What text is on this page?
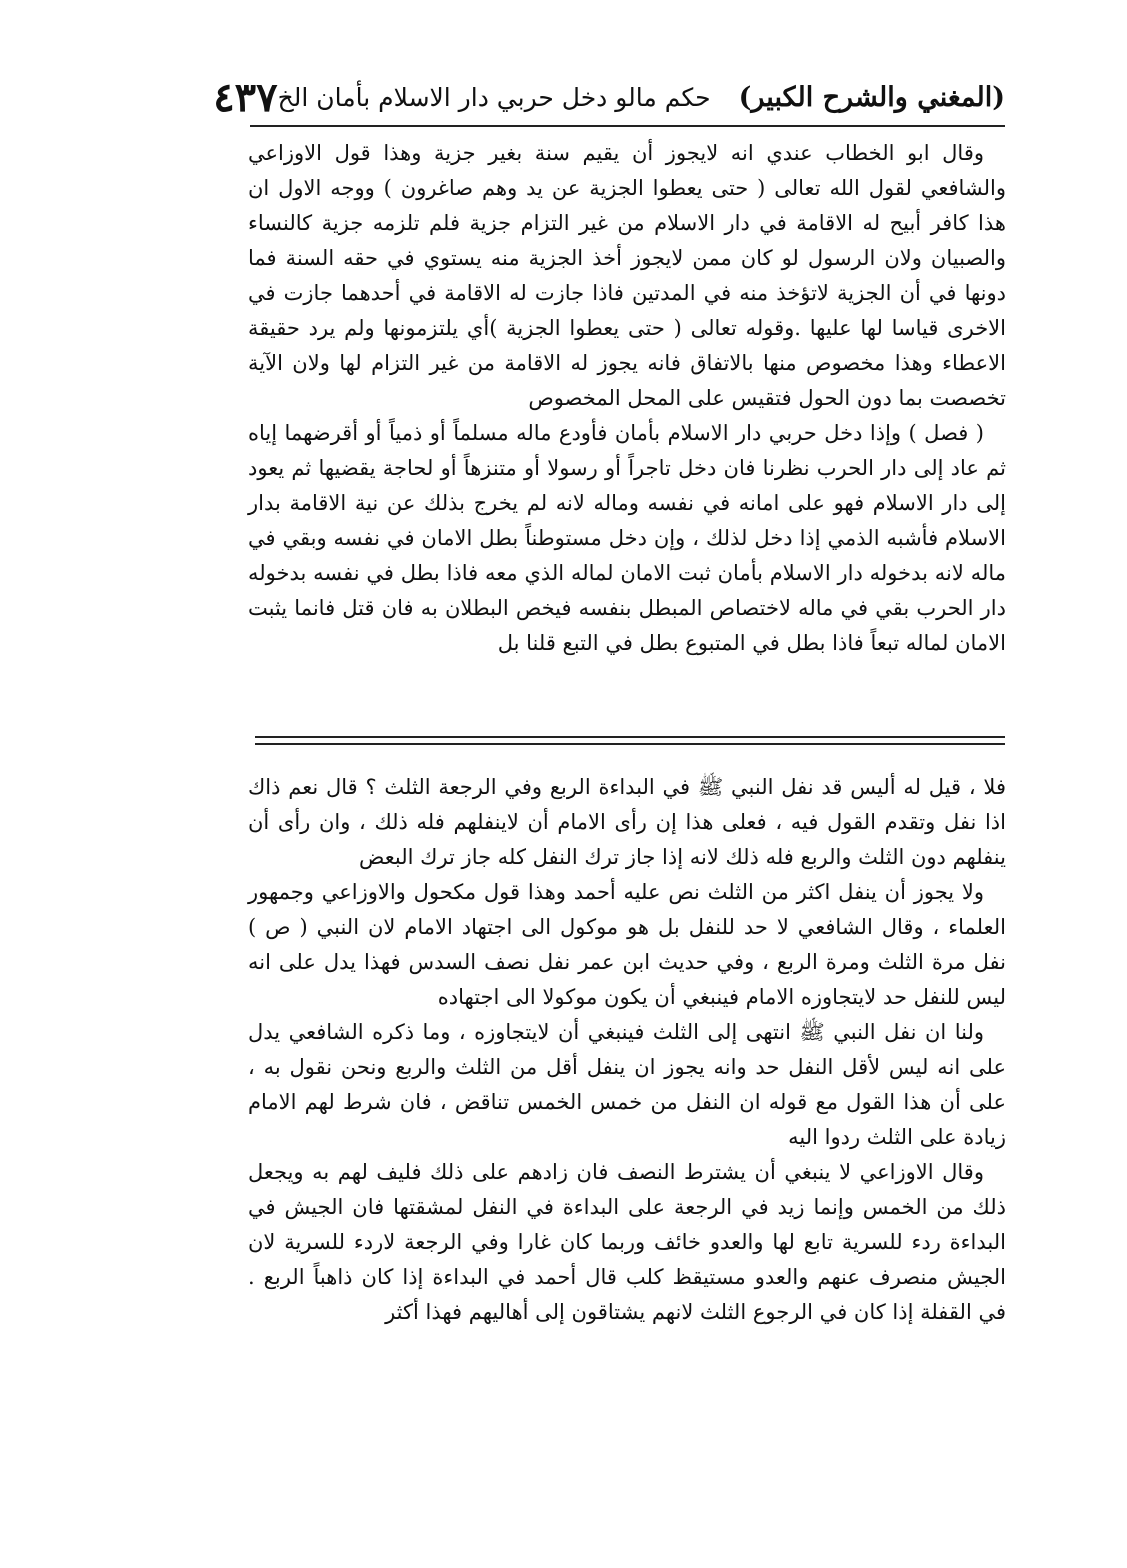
(المغني والشرح الكبير)
حكم مالو دخل حربي دار الاسلام بأمان الخ
٤٣٧

وقال ابو الخطاب عندي انه لايجوز أن يقيم سنة بغير جزية وهذا قول الاوزاعي والشافعي لقول الله تعالى ( حتى يعطوا الجزية عن يد وهم صاغرون ) ووجه الاول ان هذا كافر أبيح له الاقامة في دار الاسلام من غير التزام جزية فلم تلزمه جزية كالنساء والصبيان ولان الرسول لو كان ممن لايجوز أخذ الجزية منه يستوي في حقه السنة فما دونها في أن الجزية لاتؤخذ منه في المدتين فاذا جازت له الاقامة في أحدهما جازت في الاخرى قياسا لها عليها .وقوله تعالى ( حتى يعطوا الجزية )أي يلتزمونها ولم يرد حقيقة الاعطاء وهذا مخصوص منها بالاتفاق فانه يجوز له الاقامة من غير التزام لها ولان الآية تخصصت بما دون الحول فتقيس على المحل المخصوص

( فصل ) وإذا دخل حربي دار الاسلام بأمان فأودع ماله مسلماً أو ذمياً أو أقرضهما إياه ثم عاد إلى دار الحرب نظرنا فان دخل تاجراً أو رسولا أو متنزهاً أو لحاجة يقضيها ثم يعود إلى دار الاسلام فهو على امانه في نفسه وماله لانه لم يخرج بذلك عن نية الاقامة بدار الاسلام فأشبه الذمي إذا دخل لذلك ، وإن دخل مستوطناً بطل الامان في نفسه وبقي في ماله لانه بدخوله دار الاسلام بأمان ثبت الامان لماله الذي معه فاذا بطل في نفسه بدخوله دار الحرب بقي في ماله لاختصاص المبطل بنفسه فيخص البطلان به فان قتل فانما يثبت الامان لماله تبعاً فاذا بطل في المتبوع بطل في التبع قلنا بل

فلا ، قيل له أليس قد نفل النبي ﷺ في البداءة الربع وفي الرجعة الثلث ؟ قال نعم ذاك اذا نفل وتقدم القول فيه ، فعلى هذا إن رأى الامام أن لاينفلهم فله ذلك ، وان رأى أن ينفلهم دون الثلث والربع فله ذلك لانه إذا جاز ترك النفل كله جاز ترك البعض

ولا يجوز أن ينفل اكثر من الثلث نص عليه أحمد وهذا قول مكحول والاوزاعي وجمهور العلماء ، وقال الشافعي لا حد للنفل بل هو موكول الى اجتهاد الامام لان النبي ( ص ) نفل مرة الثلث ومرة الربع ، وفي حديث ابن عمر نفل نصف السدس فهذا يدل على انه ليس للنفل حد لايتجاوزه الامام فينبغي أن يكون موكولا الى اجتهاده

ولنا ان نفل النبي ﷺ انتهى إلى الثلث فينبغي أن لايتجاوزه ، وما ذكره الشافعي يدل على انه ليس لأقل النفل حد وانه يجوز ان ينفل أقل من الثلث والربع ونحن نقول به ، على أن هذا القول مع قوله ان النفل من خمس الخمس تناقض ، فان شرط لهم الامام زيادة على الثلث ردوا اليه

وقال الاوزاعي لا ينبغي أن يشترط النصف فان زادهم على ذلك فليف لهم به ويجعل ذلك من الخمس وإنما زيد في الرجعة على البداءة في النفل لمشقتها فان الجيش في البداءة ردء للسرية تابع لها والعدو خائف وربما كان غارا وفي الرجعة لاردء للسرية لان الجيش منصرف عنهم والعدو مستيقظ كلب قال أحمد في البداءة إذا كان ذاهباً الربع . في القفلة إذا كان في الرجوع الثلث لانهم يشتاقون إلى أهاليهم فهذا أكثر
